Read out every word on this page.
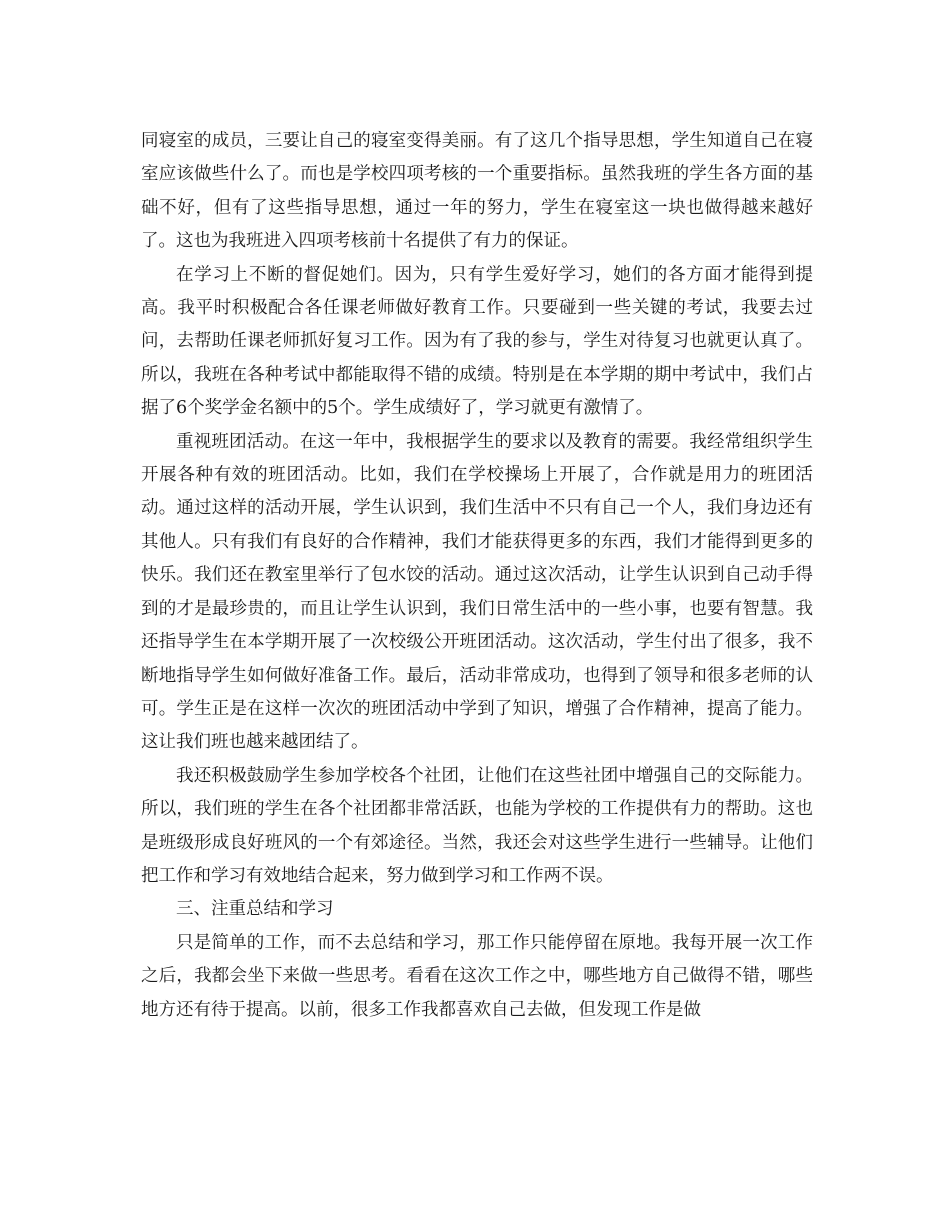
同寝室的成员，三要让自己的寝室变得美丽。有了这几个指导思想，学生知道自己在寝室应该做些什么了。而也是学校四项考核的一个重要指标。虽然我班的学生各方面的基础不好，但有了这些指导思想，通过一年的努力，学生在寝室这一块也做得越来越好了。这也为我班进入四项考核前十名提供了有力的保证。

在学习上不断的督促她们。因为，只有学生爱好学习，她们的各方面才能得到提高。我平时积极配合各任课老师做好教育工作。只要碰到一些关键的考试，我要去过问，去帮助任课老师抓好复习工作。因为有了我的参与，学生对待复习也就更认真了。所以，我班在各种考试中都能取得不错的成绩。特别是在本学期的期中考试中，我们占据了6个奖学金名额中的5个。学生成绩好了，学习就更有激情了。

重视班团活动。在这一年中，我根据学生的要求以及教育的需要。我经常组织学生开展各种有效的班团活动。比如，我们在学校操场上开展了，合作就是用力的班团活动。通过这样的活动开展，学生认识到，我们生活中不只有自己一个人，我们身边还有其他人。只有我们有良好的合作精神，我们才能获得更多的东西，我们才能得到更多的快乐。我们还在教室里举行了包水饺的活动。通过这次活动，让学生认识到自己动手得到的才是最珍贵的，而且让学生认识到，我们日常生活中的一些小事，也要有智慧。我还指导学生在本学期开展了一次校级公开班团活动。这次活动，学生付出了很多，我不断地指导学生如何做好准备工作。最后，活动非常成功，也得到了领导和很多老师的认可。学生正是在这样一次次的班团活动中学到了知识，增强了合作精神，提高了能力。这让我们班也越来越团结了。

我还积极鼓励学生参加学校各个社团，让他们在这些社团中增强自己的交际能力。所以，我们班的学生在各个社团都非常活跃，也能为学校的工作提供有力的帮助。这也是班级形成良好班风的一个有郊途径。当然，我还会对这些学生进行一些辅导。让他们把工作和学习有效地结合起来，努力做到学习和工作两不误。

三、注重总结和学习

只是简单的工作，而不去总结和学习，那工作只能停留在原地。我每开展一次工作之后，我都会坐下来做一些思考。看看在这次工作之中，哪些地方自己做得不错，哪些地方还有待于提高。以前，很多工作我都喜欢自己去做，但发现工作是做
